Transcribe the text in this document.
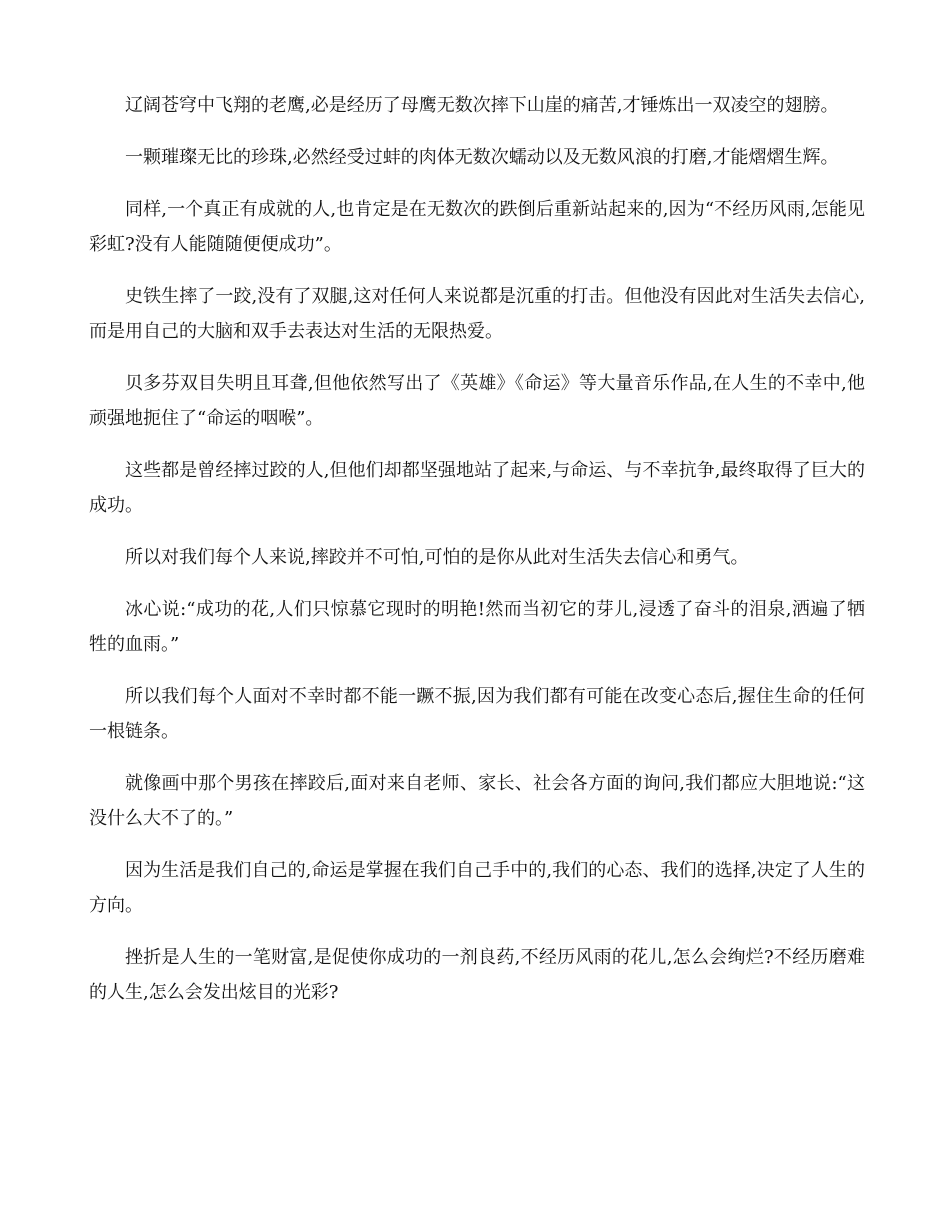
辽阔苍穹中飞翔的老鹰,必是经历了母鹰无数次摔下山崖的痛苦,才锤炼出一双凌空的翅膀。

一颗璀璨无比的珍珠,必然经受过蚌的肉体无数次蠕动以及无数风浪的打磨,才能熠熠生辉。

同样,一个真正有成就的人,也肯定是在无数次的跌倒后重新站起来的,因为“不经历风雨,怎能见彩虹?没有人能随随便便成功”。

史铁生摔了一跤,没有了双腿,这对任何人来说都是沉重的打击。但他没有因此对生活失去信心,而是用自己的大脑和双手去表达对生活的无限热爱。

贝多芬双目失明且耳聋,但他依然写出了《英雄》《命运》等大量音乐作品,在人生的不幸中,他顽强地扼住了“命运的咽喉”。

这些都是曾经摔过跤的人,但他们却都坚强地站了起来,与命运、与不幸抗争,最终取得了巨大的成功。

所以对我们每个人来说,摔跤并不可怕,可怕的是你从此对生活失去信心和勇气。

冰心说:“成功的花,人们只惊慕它现时的明艳!然而当初它的芽儿,浸透了奋斗的泪泉,洒遍了牺牲的血雨。”

所以我们每个人面对不幸时都不能一蹶不振,因为我们都有可能在改变心态后,握住生命的任何一根链条。

就像画中那个男孩在摔跤后,面对来自老师、家长、社会各方面的询问,我们都应大胆地说:“这没什么大不了的。”

因为生活是我们自己的,命运是掌握在我们自己手中的,我们的心态、我们的选择,决定了人生的方向。

挫折是人生的一笔财富,是促使你成功的一剂良药,不经历风雨的花儿,怎么会绚烂?不经历磨难的人生,怎么会发出炫目的光彩?
